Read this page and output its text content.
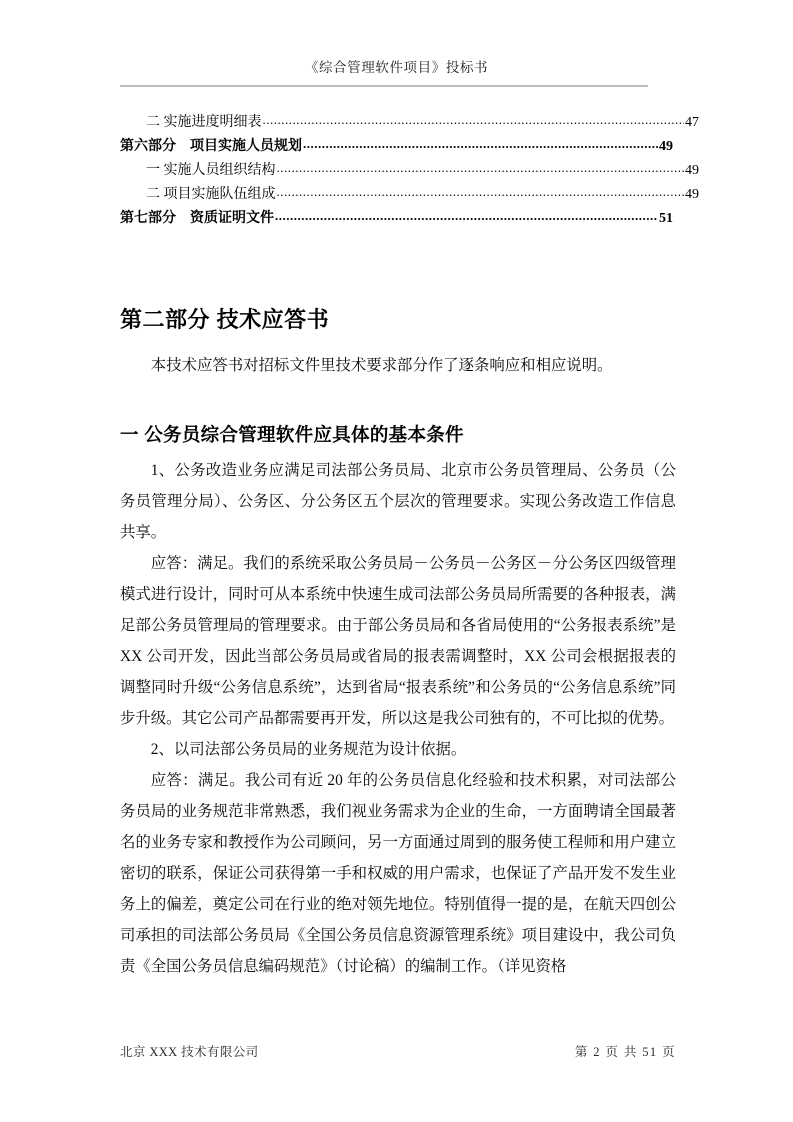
《综合管理软件项目》投标书
二 实施进度明细表 .....	47
第六部分　项目实施人员规划 .....	49
一 实施人员组织结构 .....	49
二 项目实施队伍组成 .....	49
第七部分　资质证明文件 .....	51
第二部分 技术应答书

本技术应答书对招标文件里技术要求部分作了逐条响应和相应说明。

一 公务员综合管理软件应具体的基本条件

1、公务改造业务应满足司法部公务员局、北京市公务员管理局、公务员（公务员管理分局）、公务区、分公务区五个层次的管理要求。实现公务改造工作信息共享。

应答：满足。我们的系统采取公务员局－公务员－公务区－分公务区四级管理模式进行设计，同时可从本系统中快速生成司法部公务员局所需要的各种报表，满足部公务员管理局的管理要求。由于部公务员局和各省局使用的“公务报表系统”是 XX 公司开发，因此当部公务员局或省局的报表需调整时，XX 公司会根据报表的调整同时升级“公务信息系统”，达到省局“报表系统”和公务员的“公务信息系统”同步升级。其它公司产品都需要再开发，所以这是我公司独有的，不可比拟的优势。

2、以司法部公务员局的业务规范为设计依据。

应答：满足。我公司有近 20 年的公务员信息化经验和技术积累，对司法部公务员局的业务规范非常熟悉，我们视业务需求为企业的生命，一方面聘请全国最著名的业务专家和教授作为公司顾问，另一方面通过周到的服务使工程师和用户建立密切的联系，保证公司获得第一手和权威的用户需求，也保证了产品开发不发生业务上的偏差，奠定公司在行业的绝对领先地位。特别值得一提的是，在航天四创公司承担的司法部公务员局《全国公务员信息资源管理系统》项目建设中，我公司负责《全国公务员信息编码规范》（讨论稿）的编制工作。（详见资格

北京 XXX 技术有限公司	第 2 页 共 51 页
